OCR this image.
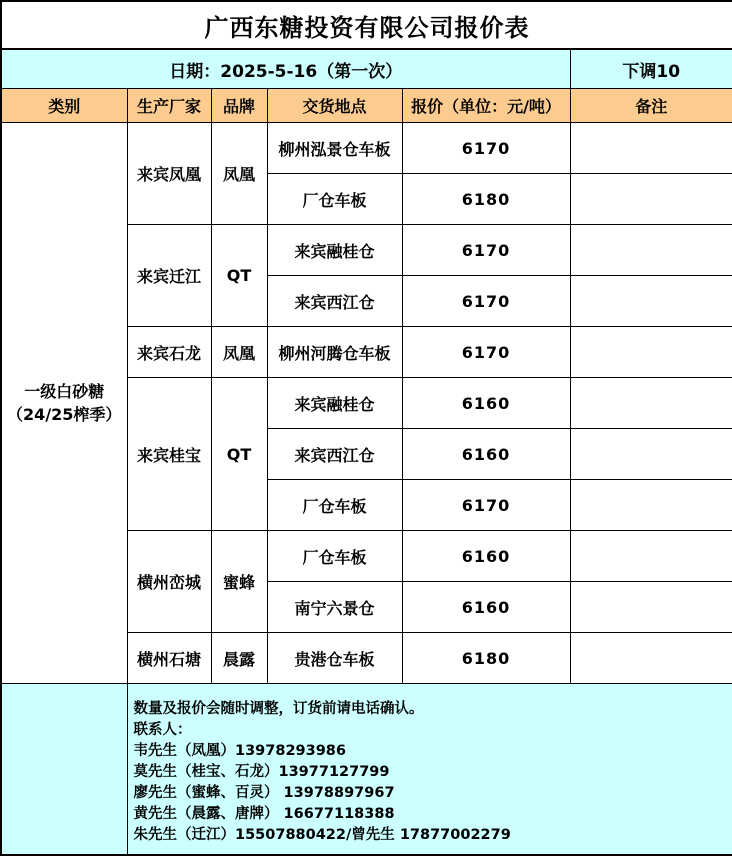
广西东糖投资有限公司报价表					
日期：2025-5-16（第一次）					下调10
类别	生产厂家	品牌	交货地点	报价（单位：元/吨）	备注

一级白砂糖
（24/25榨季）	来宾凤凰	凤凰	柳州泓景仓车板	6170	
			厂仓车板	6180	
	来宾迁江	QT	来宾融桂仓	6170	
			来宾西江仓	6170	
	来宾石龙	凤凰	柳州河腾仓车板	6170	
	来宾桂宝	QT	来宾融桂仓	6160	
			来宾西江仓	6160	
			厂仓车板	6170	
	横州峦城	蜜蜂	厂仓车板	6160	
			南宁六景仓	6160	
	横州石塘	晨露	贵港仓车板	6180	

数量及报价会随时调整，订货前请电话确认。
联系人：
韦先生（凤凰）13978293986
莫先生（桂宝、石龙）13977127799
廖先生（蜜蜂、百灵） 13978897967
黄先生（晨露、唐牌） 16677118388
朱先生（迁江）15507880422/曾先生 17877002279
